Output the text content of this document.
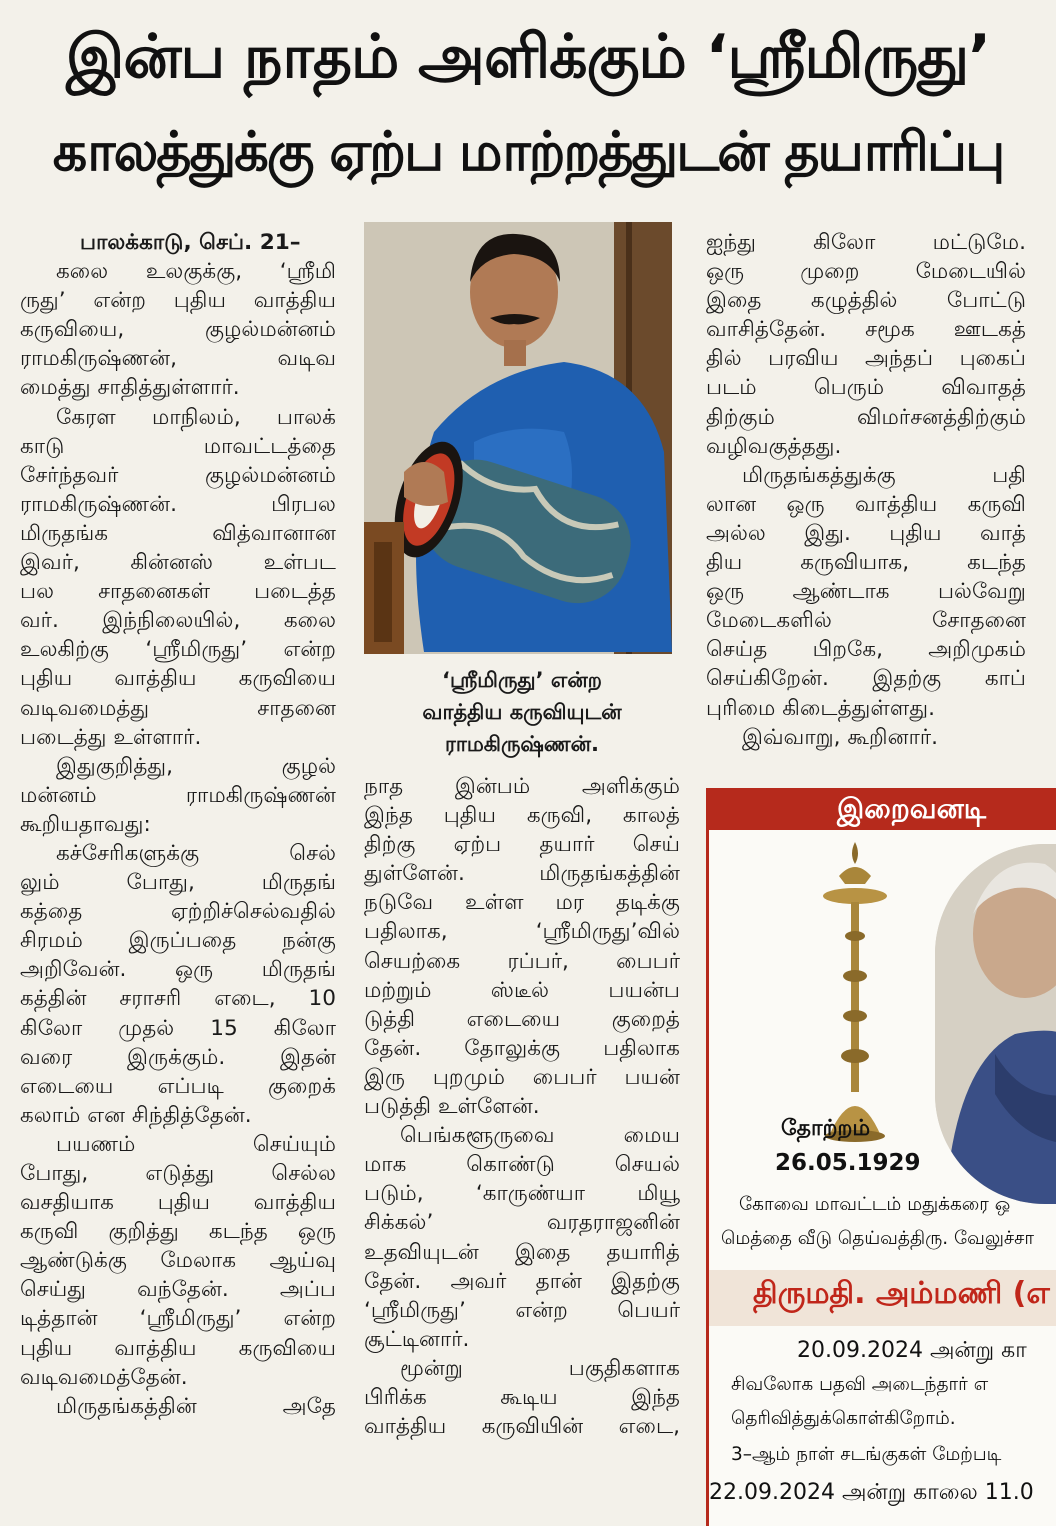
இன்ப நாதம் அளிக்கும் ‘ஸ்ரீமிருது’
காலத்துக்கு ஏற்ப மாற்றத்துடன் தயாரிப்பு
பாலக்காடு, செப். 21–
கலை உலகுக்கு, ‘ஸ்ரீமி
ருது’ என்ற புதிய வாத்திய
கருவியை, குழல்மன்னம்
ராமகிருஷ்ணன், வடிவ
மைத்து சாதித்துள்ளார்.
கேரள மாநிலம், பாலக்
காடு மாவட்டத்தை
சேர்ந்தவர் குழல்மன்னம்
ராமகிருஷ்ணன். பிரபல
மிருதங்க வித்வானான
இவர், கின்னஸ் உள்பட
பல சாதனைகள் படைத்த
வர். இந்நிலையில், கலை
உலகிற்கு ‘ஸ்ரீமிருது’ என்ற
புதிய வாத்திய கருவியை
வடிவமைத்து சாதனை
படைத்து உள்ளார்.
இதுகுறித்து, குழல்
மன்னம் ராமகிருஷ்ணன்
கூறியதாவது:
கச்சேரிகளுக்கு செல்
லும் போது, மிருதங்
கத்தை ஏற்றிச்செல்வதில்
சிரமம் இருப்பதை நன்கு
அறிவேன். ஒரு மிருதங்
கத்தின் சராசரி எடை, 10
கிலோ முதல் 15 கிலோ
வரை இருக்கும். இதன்
எடையை எப்படி குறைக்
கலாம் என சிந்தித்தேன்.
பயணம் செய்யும்
போது, எடுத்து செல்ல
வசதியாக புதிய வாத்திய
கருவி குறித்து கடந்த ஒரு
ஆண்டுக்கு மேலாக ஆய்வு
செய்து வந்தேன். அப்ப
டித்தான் ‘ஸ்ரீமிருது’ என்ற
புதிய வாத்திய கருவியை
வடிவமைத்தேன்.
மிருதங்கத்தின் அதே
‘ஸ்ரீமிருது’ என்ற
வாத்திய கருவியுடன்
ராமகிருஷ்ணன்.
நாத இன்பம் அளிக்கும்
இந்த புதிய கருவி, காலத்
திற்கு ஏற்ப தயார் செய்
துள்ளேன். மிருதங்கத்தின்
நடுவே உள்ள மர தடிக்கு
பதிலாக, ‘ஸ்ரீமிருது’வில்
செயற்கை ரப்பர், பைபர்
மற்றும் ஸ்டீல் பயன்ப
டுத்தி எடையை குறைத்
தேன். தோலுக்கு பதிலாக
இரு புறமும் பைபர் பயன்
படுத்தி உள்ளேன்.
பெங்களூருவை மைய
மாக கொண்டு செயல்
படும், ‘காருண்யா மியூ
சிக்கல்’ வரதராஜனின்
உதவியுடன் இதை தயாரித்
தேன். அவர் தான் இதற்கு
‘ஸ்ரீமிருது’ என்ற பெயர்
சூட்டினார்.
மூன்று பகுதிகளாக
பிரிக்க கூடிய இந்த
வாத்திய கருவியின் எடை,
ஐந்து கிலோ மட்டுமே.
ஒரு முறை மேடையில்
இதை கழுத்தில் போட்டு
வாசித்தேன். சமூக ஊடகத்
தில் பரவிய அந்தப் புகைப்
படம் பெரும் விவாதத்
திற்கும் விமர்சனத்திற்கும்
வழிவகுத்தது.
மிருதங்கத்துக்கு பதி
லான ஒரு வாத்திய கருவி
அல்ல இது. புதிய வாத்
திய கருவியாக, கடந்த
ஒரு ஆண்டாக பல்வேறு
மேடைகளில் சோதனை
செய்த பிறகே, அறிமுகம்
செய்கிறேன். இதற்கு காப்
புரிமை கிடைத்துள்ளது.
இவ்வாறு, கூறினார்.
இறைவனடி
தோற்றம்
26.05.1929
கோவை மாவட்டம் மதுக்கரை ஒ
மெத்தை வீடு தெய்வத்திரு. வேலுச்சா
திருமதி. அம்மணி (எ
20.09.2024 அன்று கா
சிவலோக பதவி அடைந்தார் எ
தெரிவித்துக்கொள்கிறோம்.
3–ஆம் நாள் சடங்குகள் மேற்படி
22.09.2024 அன்று காலை 11.0
